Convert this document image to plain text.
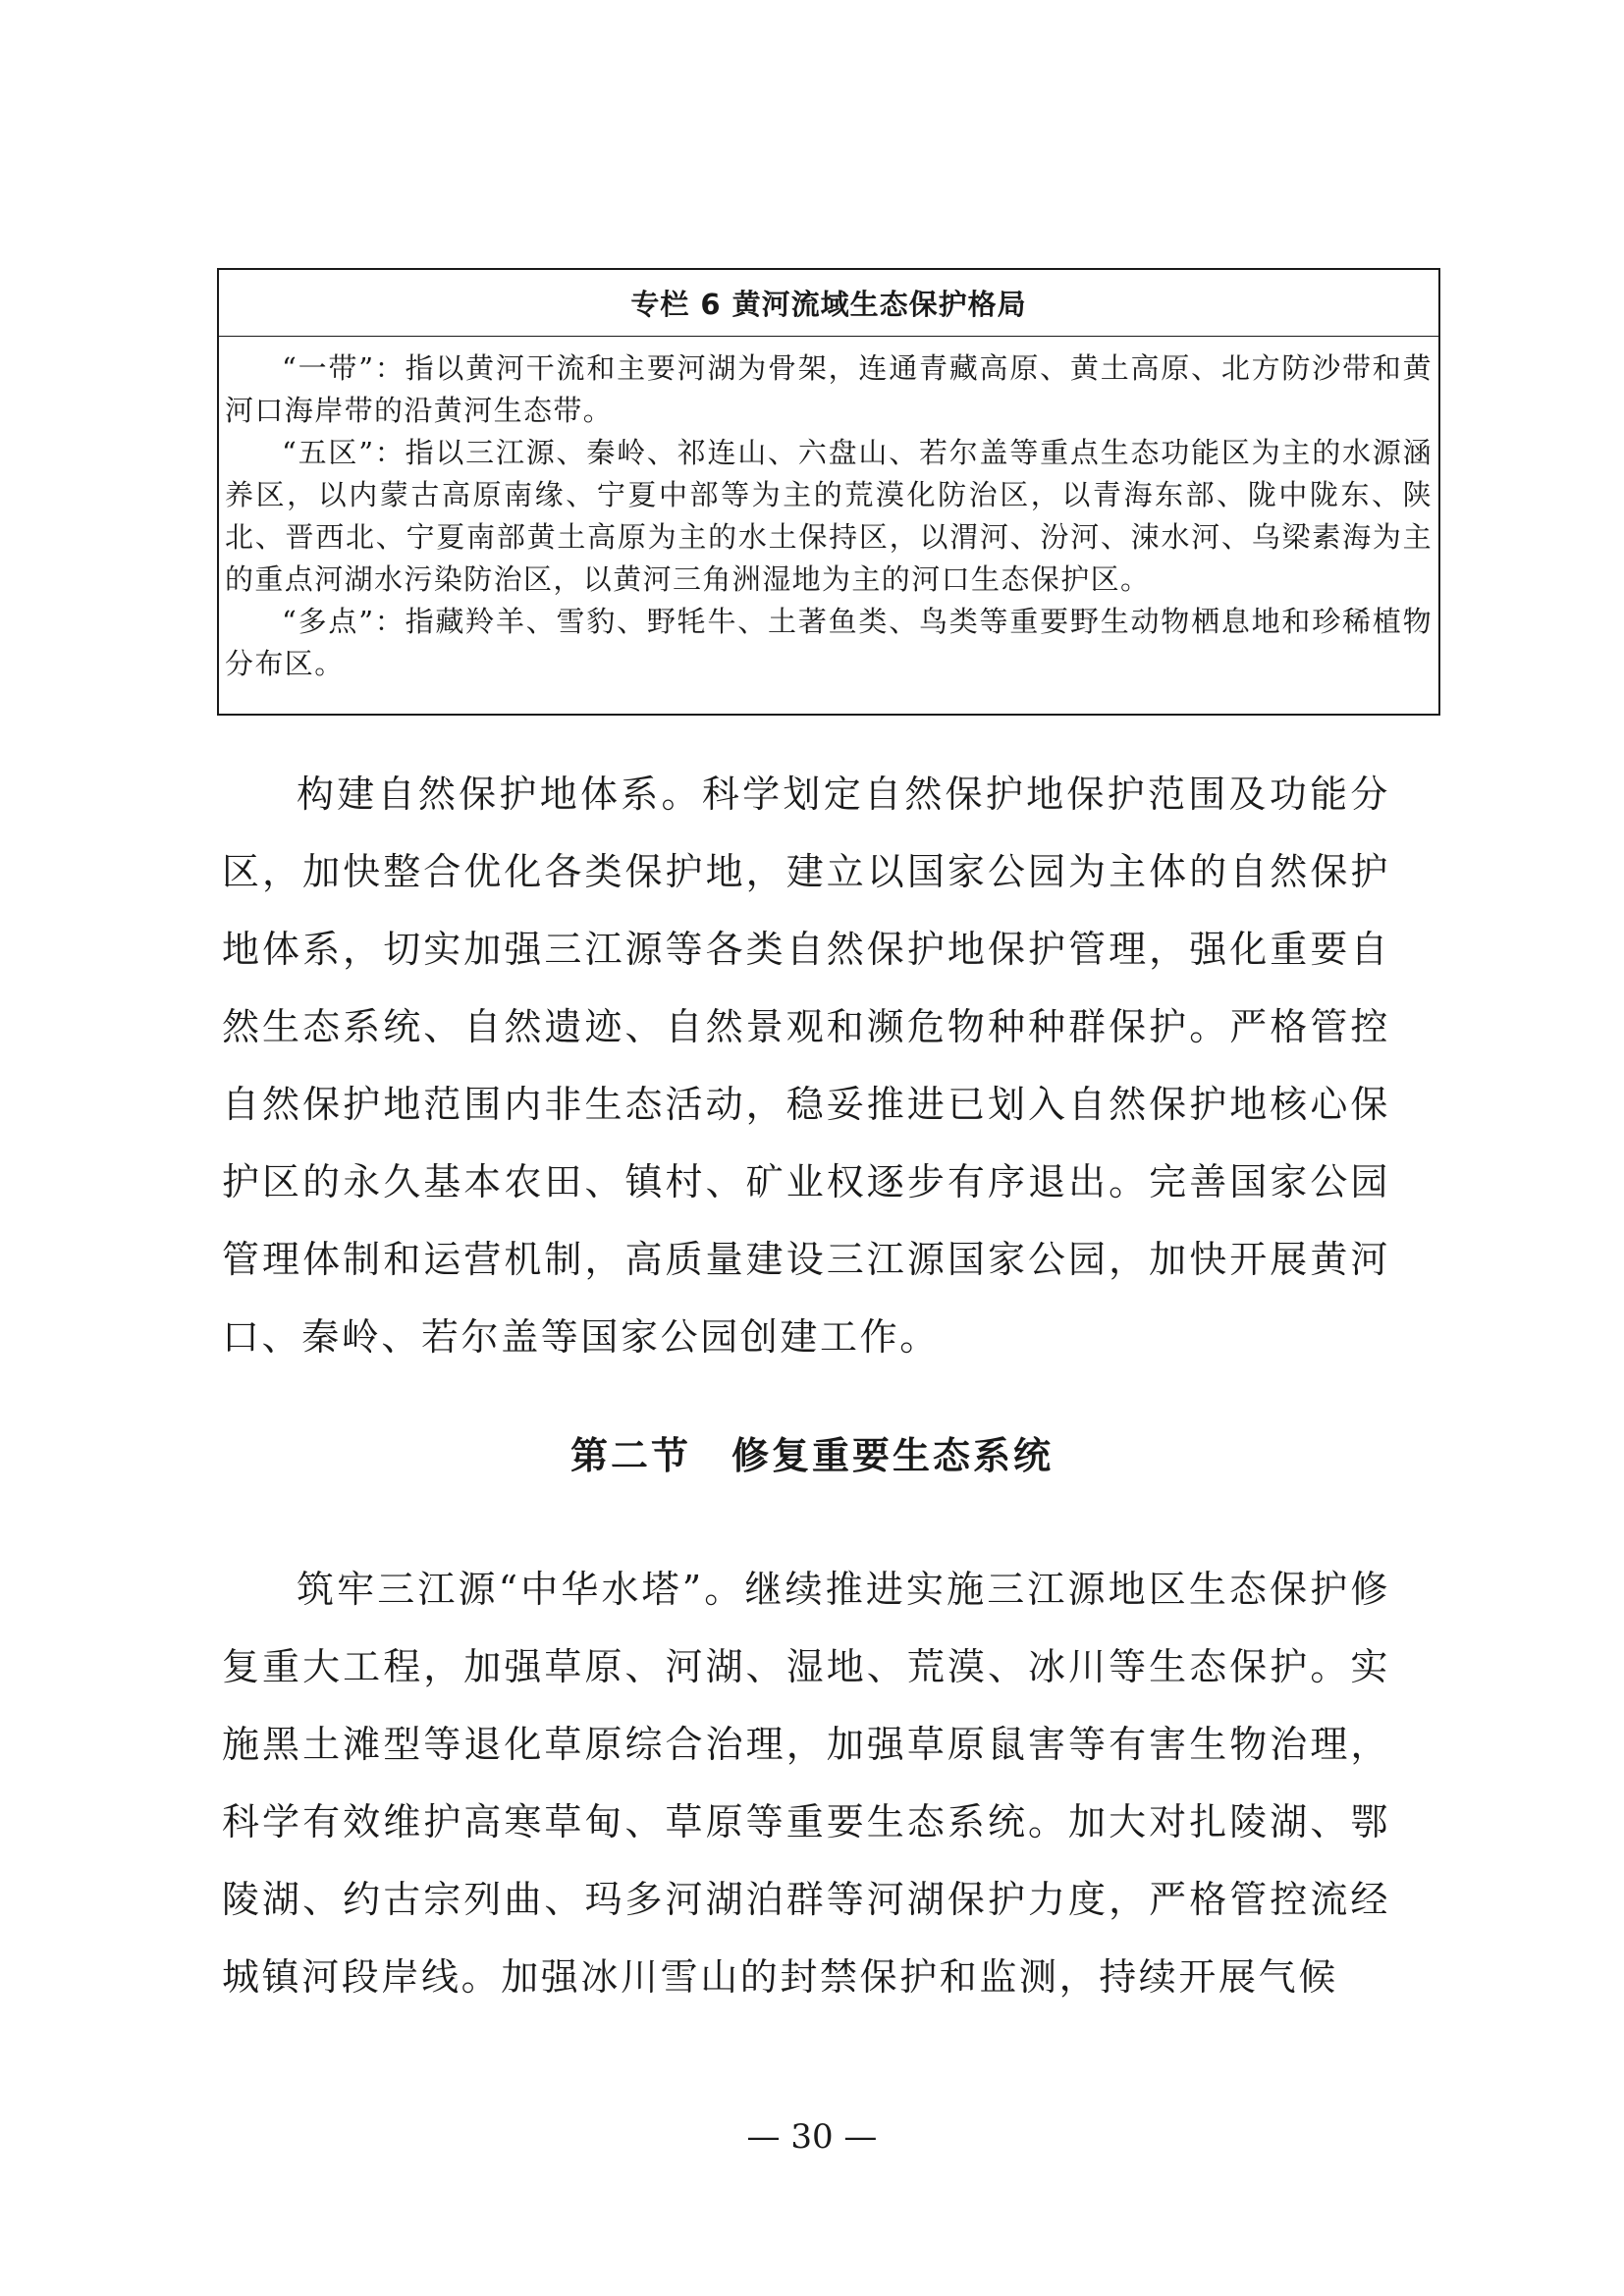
专栏 6 黄河流域生态保护格局

“一带”：指以黄河干流和主要河湖为骨架，连通青藏高原、黄土高原、北方防沙带和黄河口海岸带的沿黄河生态带。

“五区”：指以三江源、秦岭、祁连山、六盘山、若尔盖等重点生态功能区为主的水源涵养区，以内蒙古高原南缘、宁夏中部等为主的荒漠化防治区，以青海东部、陇中陇东、陕北、晋西北、宁夏南部黄土高原为主的水土保持区，以渭河、汾河、涑水河、乌梁素海为主的重点河湖水污染防治区，以黄河三角洲湿地为主的河口生态保护区。

“多点”：指藏羚羊、雪豹、野牦牛、土著鱼类、鸟类等重要野生动物栖息地和珍稀植物分布区。

构建自然保护地体系。科学划定自然保护地保护范围及功能分区，加快整合优化各类保护地，建立以国家公园为主体的自然保护地体系，切实加强三江源等各类自然保护地保护管理，强化重要自然生态系统、自然遗迹、自然景观和濒危物种种群保护。严格管控自然保护地范围内非生态活动，稳妥推进已划入自然保护地核心保护区的永久基本农田、镇村、矿业权逐步有序退出。完善国家公园管理体制和运营机制，高质量建设三江源国家公园，加快开展黄河口、秦岭、若尔盖等国家公园创建工作。

第二节　修复重要生态系统

筑牢三江源“中华水塔”。继续推进实施三江源地区生态保护修复重大工程，加强草原、河湖、湿地、荒漠、冰川等生态保护。实施黑土滩型等退化草原综合治理，加强草原鼠害等有害生物治理，科学有效维护高寒草甸、草原等重要生态系统。加大对扎陵湖、鄂陵湖、约古宗列曲、玛多河湖泊群等河湖保护力度，严格管控流经城镇河段岸线。加强冰川雪山的封禁保护和监测，持续开展气候

— 30 —
